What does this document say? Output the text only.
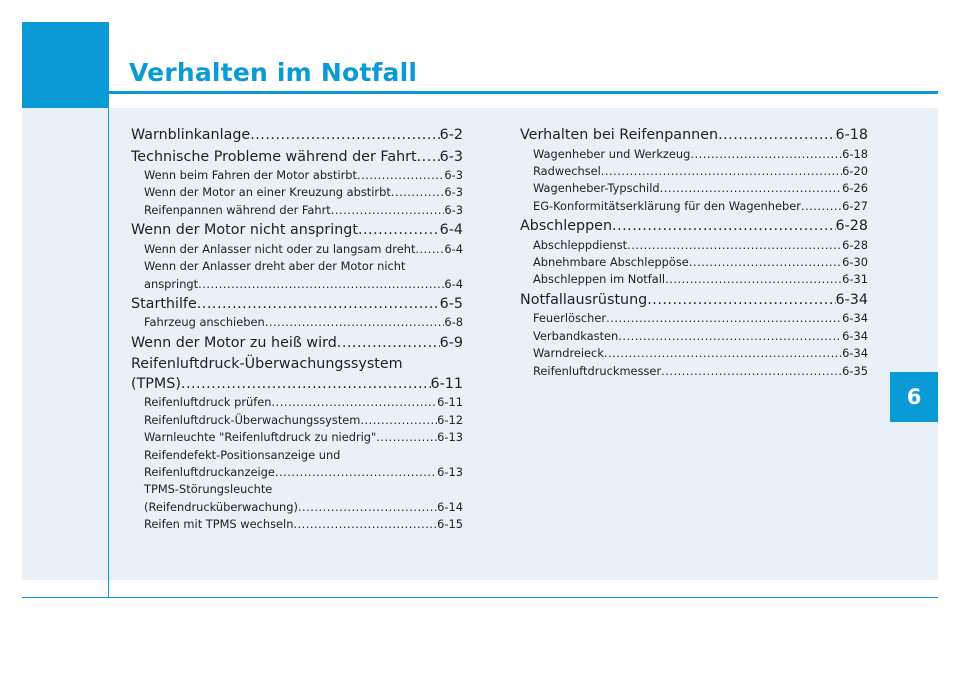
Verhalten im Notfall
6
Warnblinkanlage .....	6-2
Technische Probleme während der Fahrt ..... 6-3
Wenn beim Fahren der Motor abstirbt .....	6-3
Wenn der Motor an einer Kreuzung abstirbt .....	6-3
Reifenpannen während der Fahrt .....	6-3
Wenn der Motor nicht anspringt .....	6-4
Wenn der Anlasser nicht oder zu langsam dreht .....	6-4
Wenn der Anlasser dreht aber der Motor nicht
anspringt .....	6-4
Starthilfe .....	6-5
Fahrzeug anschieben .....	6-8
Wenn der Motor zu heiß wird .....	6-9
Reifenluftdruck-Überwachungssystem
(TPMS) .....	6-11
Reifenluftdruck prüfen .....	6-11
Reifenluftdruck-Überwachungssystem .....	6-12
Warnleuchte "Reifenluftdruck zu niedrig" .....	6-13
Reifendefekt-Positionsanzeige und
Reifenluftdruckanzeige .....	6-13
TPMS-Störungsleuchte
(Reifendrucküberwachung) .....	6-14
Reifen mit TPMS wechseln .....	6-15
Verhalten bei Reifenpannen .....	6-18
Wagenheber und Werkzeug .....	6-18
Radwechsel .....	6-20
Wagenheber-Typschild .....	6-26
EG-Konformitätserklärung für den Wagenheber .....	6-27
Abschleppen .....	6-28
Abschleppdienst .....	6-28
Abnehmbare Abschleppöse .....	6-30
Abschleppen im Notfall .....	6-31
Notfallausrüstung .....	6-34
Feuerlöscher .....	6-34
Verbandkasten .....	6-34
Warndreieck .....	6-34
Reifenluftdruckmesser .....	6-35
